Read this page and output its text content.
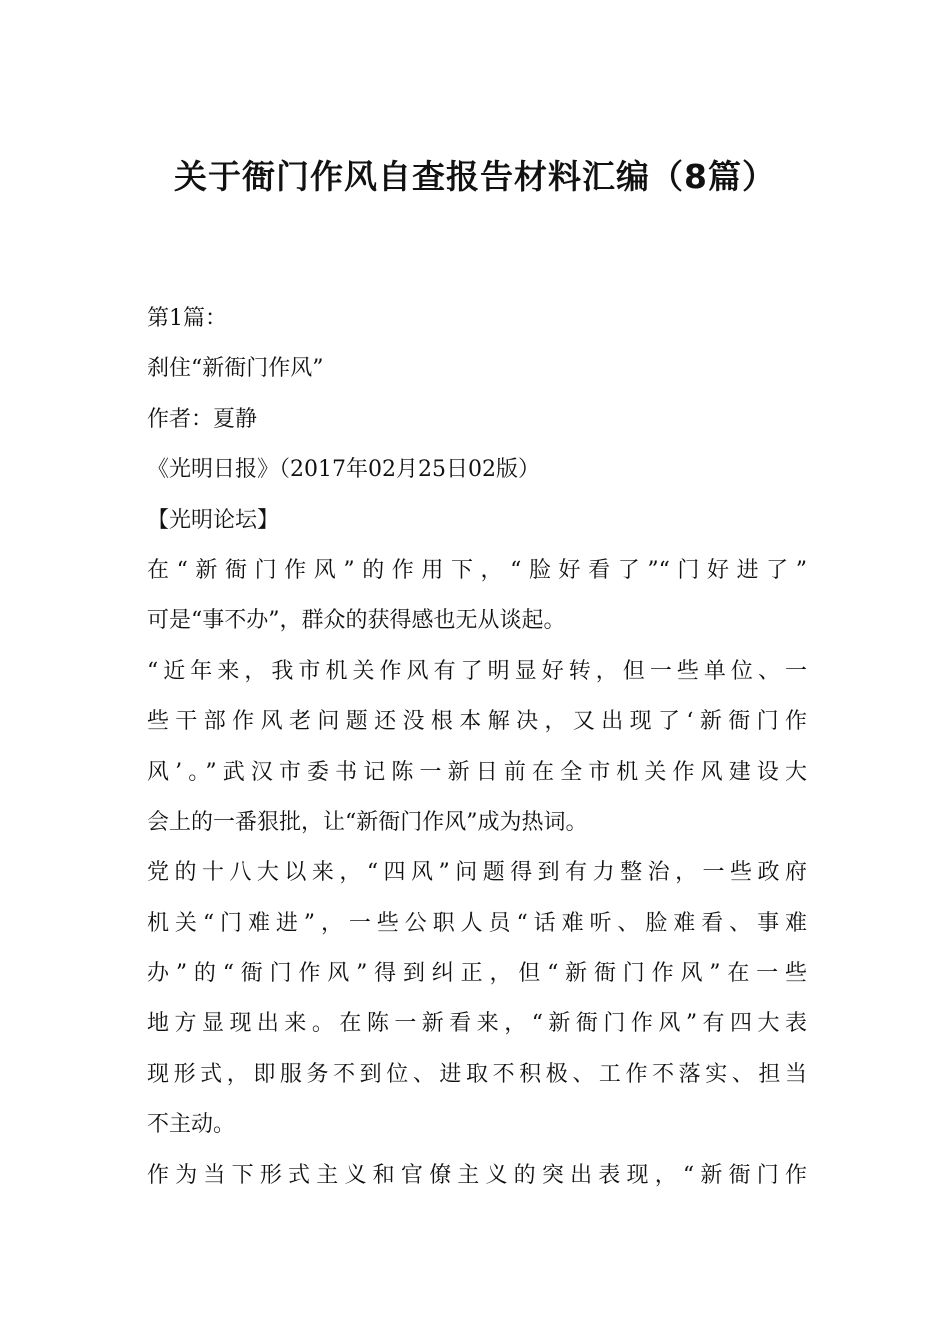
关于衙门作风自查报告材料汇编（8篇）
第1篇：
刹住“新衙门作风”
作者：夏静
《光明日报》（2017年02月25日02版）
【光明论坛】
在“新衙门作风”的作用下，“脸好看了”“门好进了”
可是“事不办”，群众的获得感也无从谈起。
“近年来，我市机关作风有了明显好转，但一些单位、一
些干部作风老问题还没根本解决，又出现了‘新衙门作
风’。”武汉市委书记陈一新日前在全市机关作风建设大
会上的一番狠批，让“新衙门作风”成为热词。
党的十八大以来，“四风”问题得到有力整治，一些政府
机关“门难进”，一些公职人员“话难听、脸难看、事难
办”的“衙门作风”得到纠正，但“新衙门作风”在一些
地方显现出来。在陈一新看来，“新衙门作风”有四大表
现形式，即服务不到位、进取不积极、工作不落实、担当
不主动。
作为当下形式主义和官僚主义的突出表现，“新衙门作
